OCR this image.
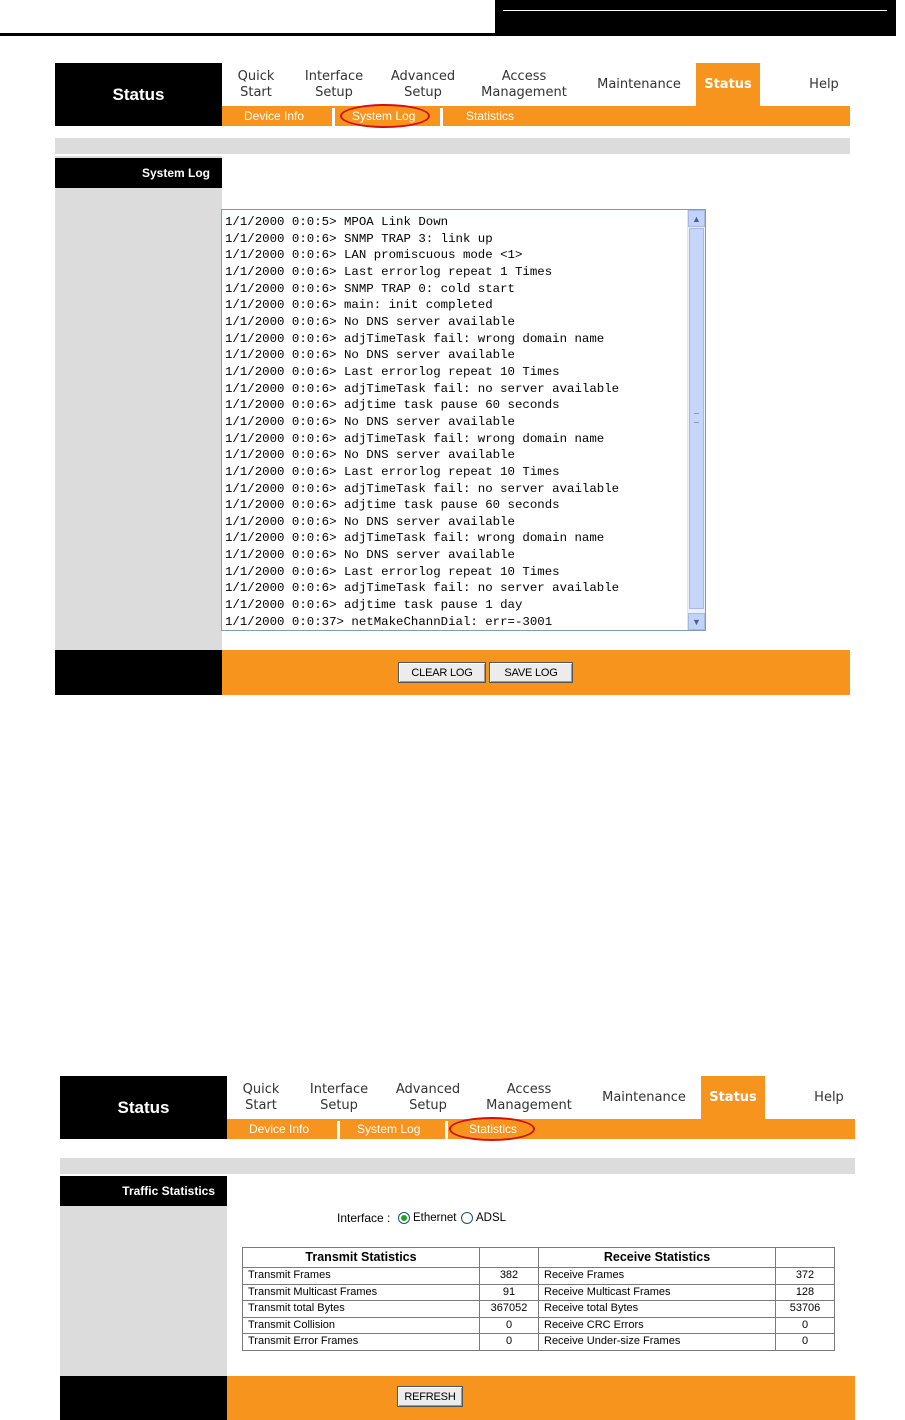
Status
Quick
Start
Interface
Setup
Advanced
Setup
Access
Management
Maintenance Status	Help
Device Info	System Log	Statistics
System Log
1/1/2000 0:0:5> MPOA Link Down
1/1/2000 0:0:6> SNMP TRAP 3: link up
1/1/2000 0:0:6> LAN promiscuous mode <1>
1/1/2000 0:0:6> Last errorlog repeat 1 Times
1/1/2000 0:0:6> SNMP TRAP 0: cold start
1/1/2000 0:0:6> main: init completed
1/1/2000 0:0:6> No DNS server available
1/1/2000 0:0:6> adjTimeTask fail: wrong domain name
1/1/2000 0:0:6> No DNS server available
1/1/2000 0:0:6> Last errorlog repeat 10 Times
1/1/2000 0:0:6> adjTimeTask fail: no server available
1/1/2000 0:0:6> adjtime task pause 60 seconds
1/1/2000 0:0:6> No DNS server available
1/1/2000 0:0:6> adjTimeTask fail: wrong domain name
1/1/2000 0:0:6> No DNS server available
1/1/2000 0:0:6> Last errorlog repeat 10 Times
1/1/2000 0:0:6> adjTimeTask fail: no server available
1/1/2000 0:0:6> adjtime task pause 60 seconds
1/1/2000 0:0:6> No DNS server available
1/1/2000 0:0:6> adjTimeTask fail: wrong domain name
1/1/2000 0:0:6> No DNS server available
1/1/2000 0:0:6> Last errorlog repeat 10 Times
1/1/2000 0:0:6> adjTimeTask fail: no server available
1/1/2000 0:0:6> adjtime task pause 1 day
1/1/2000 0:0:37> netMakeChannDial: err=-3001
▲
▼
CLEAR LOG	SAVE LOG
Status
Quick
Start
Interface
Setup
Advanced
Setup
Access
Management
Maintenance Status	Help
Device Info	System Log	Statistics
Traffic Statistics
Interface : Ethernet ADSL
Transmit Statistics		Receive Statistics	
Transmit Frames	382	Receive Frames	372
Transmit Multicast Frames	91	Receive Multicast Frames	128
Transmit total Bytes	367052	Receive total Bytes	53706
Transmit Collision	0	Receive CRC Errors	0
Transmit Error Frames	0	Receive Under-size Frames	0
REFRESH
